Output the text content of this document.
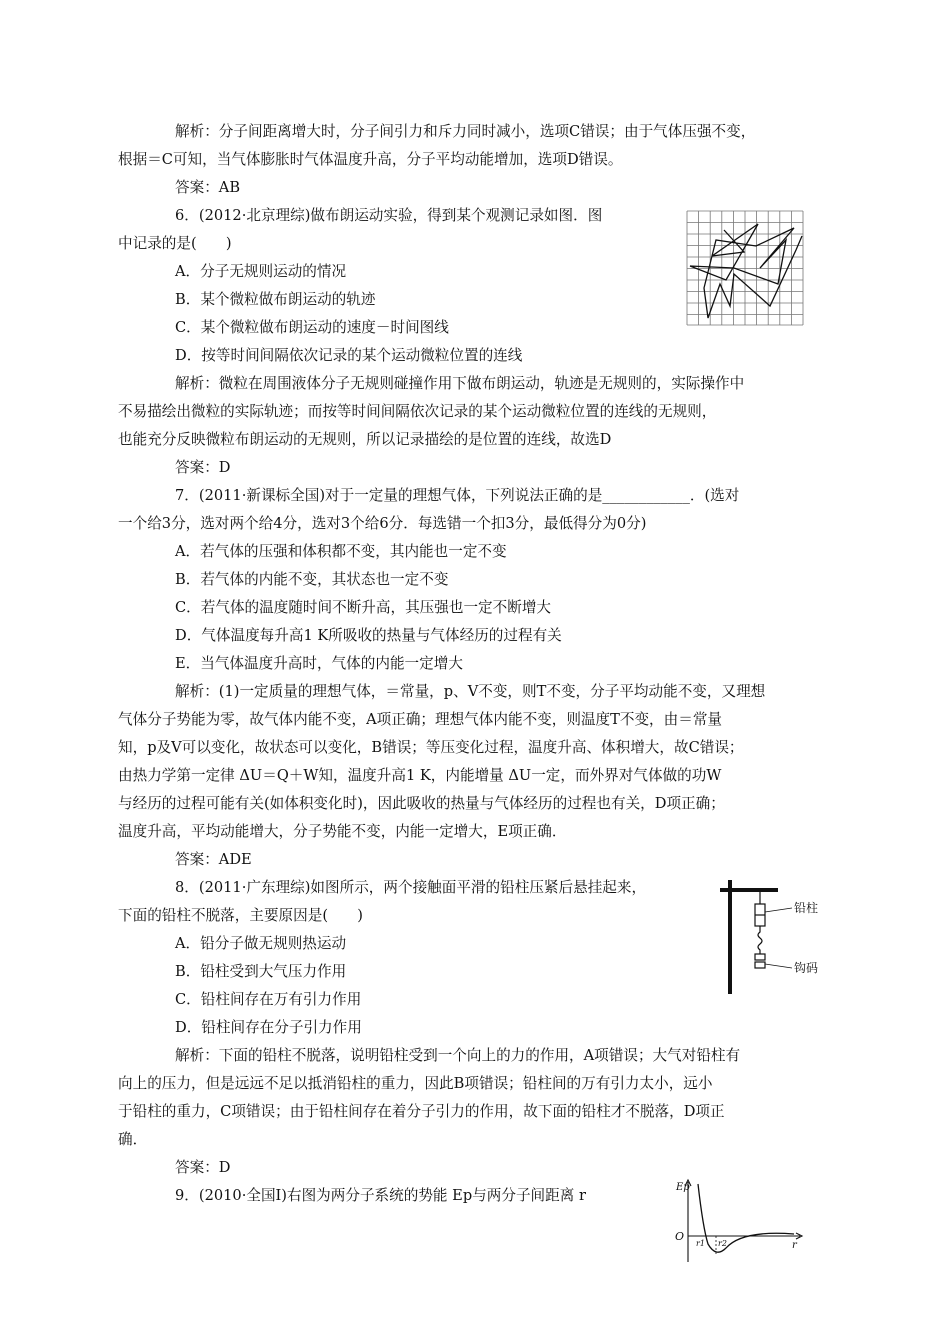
解析：分子间距离增大时，分子间引力和斥力同时减小，选项C错误；由于气体压强不变，
根据＝C可知，当气体膨胀时气体温度升高，分子平均动能增加，选项D错误。
答案：AB
6．(2012·北京理综)做布朗运动实验，得到某个观测记录如图．图
中记录的是(　　)
A．分子无规则运动的情况
B．某个微粒做布朗运动的轨迹
C．某个微粒做布朗运动的速度－时间图线
D．按等时间间隔依次记录的某个运动微粒位置的连线
解析：微粒在周围液体分子无规则碰撞作用下做布朗运动，轨迹是无规则的，实际操作中
不易描绘出微粒的实际轨迹；而按等时间间隔依次记录的某个运动微粒位置的连线的无规则，
也能充分反映微粒布朗运动的无规则，所以记录描绘的是位置的连线，故选D
答案：D
7．(2011·新课标全国)对于一定量的理想气体，下列说法正确的是____________．(选对
一个给3分，选对两个给4分，选对3个给6分．每选错一个扣3分，最低得分为0分)
A．若气体的压强和体积都不变，其内能也一定不变
B．若气体的内能不变，其状态也一定不变
C．若气体的温度随时间不断升高，其压强也一定不断增大
D．气体温度每升高1 K所吸收的热量与气体经历的过程有关
E．当气体温度升高时，气体的内能一定增大
解析：(1)一定质量的理想气体，＝常量，p、V不变，则T不变，分子平均动能不变，又理想
气体分子势能为零，故气体内能不变，A项正确；理想气体内能不变，则温度T不变，由＝常量
知，p及V可以变化，故状态可以变化，B错误；等压变化过程，温度升高、体积增大，故C错误；
由热力学第一定律 ΔU＝Q＋W知，温度升高1 K，内能增量 ΔU一定，而外界对气体做的功W
与经历的过程可能有关(如体积变化时)，因此吸收的热量与气体经历的过程也有关，D项正确；
温度升高，平均动能增大，分子势能不变，内能一定增大，E项正确．
答案：ADE
8．(2011·广东理综)如图所示，两个接触面平滑的铅柱压紧后悬挂起来，
下面的铅柱不脱落，主要原因是(　　)
A．铅分子做无规则热运动
B．铅柱受到大气压力作用
C．铅柱间存在万有引力作用
D．铅柱间存在分子引力作用
解析：下面的铅柱不脱落，说明铅柱受到一个向上的力的作用，A项错误；大气对铅柱有
向上的压力，但是远远不足以抵消铅柱的重力，因此B项错误；铅柱间的万有引力太小，远小
于铅柱的重力，C项错误；由于铅柱间存在着分子引力的作用，故下面的铅柱才不脱落，D项正
确．
答案：D
9．(2010·全国Ⅰ)右图为两分子系统的势能 Ep与两分子间距离 r
铅柱
钩码
Ep
O
r1 r2	r
